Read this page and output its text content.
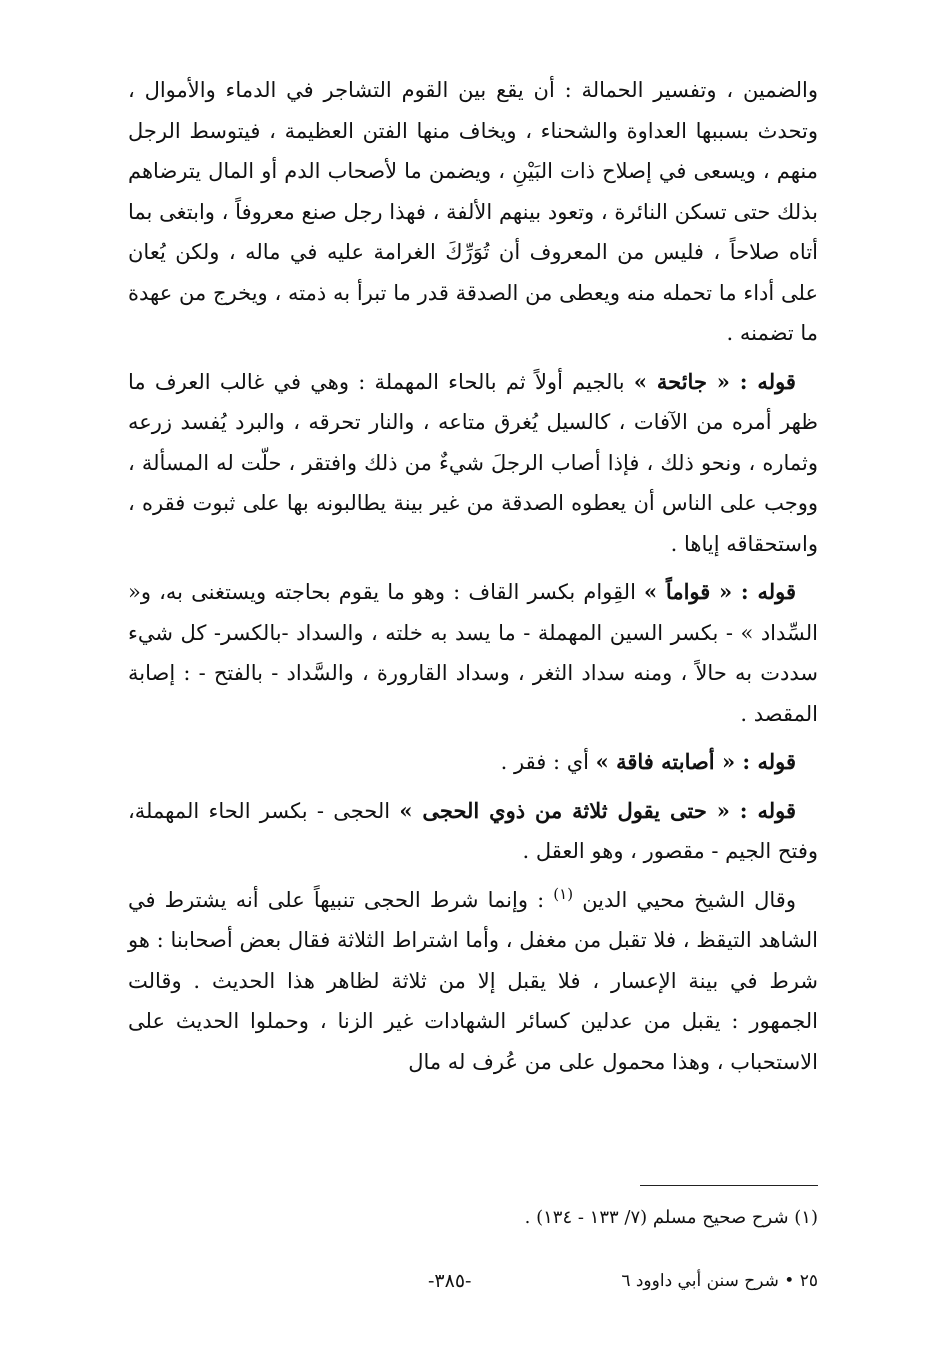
والضمين ، وتفسير الحمالة : أن يقع بين القوم التشاجر في الدماء والأموال ، وتحدث بسببها العداوة والشحناء ، ويخاف منها الفتن العظيمة ، فيتوسط الرجل منهم ، ويسعى في إصلاح ذات البَيْنِ ، ويضمن ما لأصحاب الدم أو المال يترضاهم بذلك حتى تسكن النائرة ، وتعود بينهم الألفة ، فهذا رجل صنع معروفاً ، وابتغى بما أتاه صلاحاً ، فليس من المعروف أن تُوَرِّكَ الغرامة عليه في ماله ، ولكن يُعان على أداء ما تحمله منه ويعطى من الصدقة قدر ما تبرأ به ذمته ، ويخرج من عهدة ما تضمنه .

قوله : « جائحة » بالجيم أولاً ثم بالحاء المهملة : وهي في غالب العرف ما ظهر أمره من الآفات ، كالسيل يُغرق متاعه ، والنار تحرقه ، والبرد يُفسد زرعه وثماره ، ونحو ذلك ، فإذا أصاب الرجلَ شيءٌ من ذلك وافتقر ، حلّت له المسألة ، ووجب على الناس أن يعطوه الصدقة من غير بينة يطالبونه بها على ثبوت فقره ، واستحقاقه إياها .

قوله : « قواماً » القِوام بكسر القاف : وهو ما يقوم بحاجته ويستغنى به، و« السِّداد » - بكسر السين المهملة - ما يسد به خلته ، والسداد -بالكسر- كل شيء سددت به حالاً ، ومنه سداد الثغر ، وسداد القارورة ، والسَّداد - بالفتح - : إصابة المقصد .

قوله : « أصابته فاقة » أي : فقر .

قوله : « حتى يقول ثلاثة من ذوي الحجى » الحجى - بكسر الحاء المهملة، وفتح الجيم - مقصور ، وهو العقل .

وقال الشيخ محيي الدين $^{(١)}$ : وإنما شرط الحجى تنبيهاً على أنه يشترط في الشاهد التيقظ ، فلا تقبل من مغفل ، وأما اشتراط الثلاثة فقال بعض أصحابنا : هو شرط في بينة الإعسار ، فلا يقبل إلا من ثلاثة لظاهر هذا الحديث . وقالت الجمهور : يقبل من عدلين كسائر الشهادات غير الزنا ، وحملوا الحديث على الاستحباب ، وهذا محمول على من عُرف له مال

(١) شرح صحيح مسلم (٧/ ١٣٣ - ١٣٤) .
٢٥ • شرح سنن أبي داوود ٦
-٣٨٥-
